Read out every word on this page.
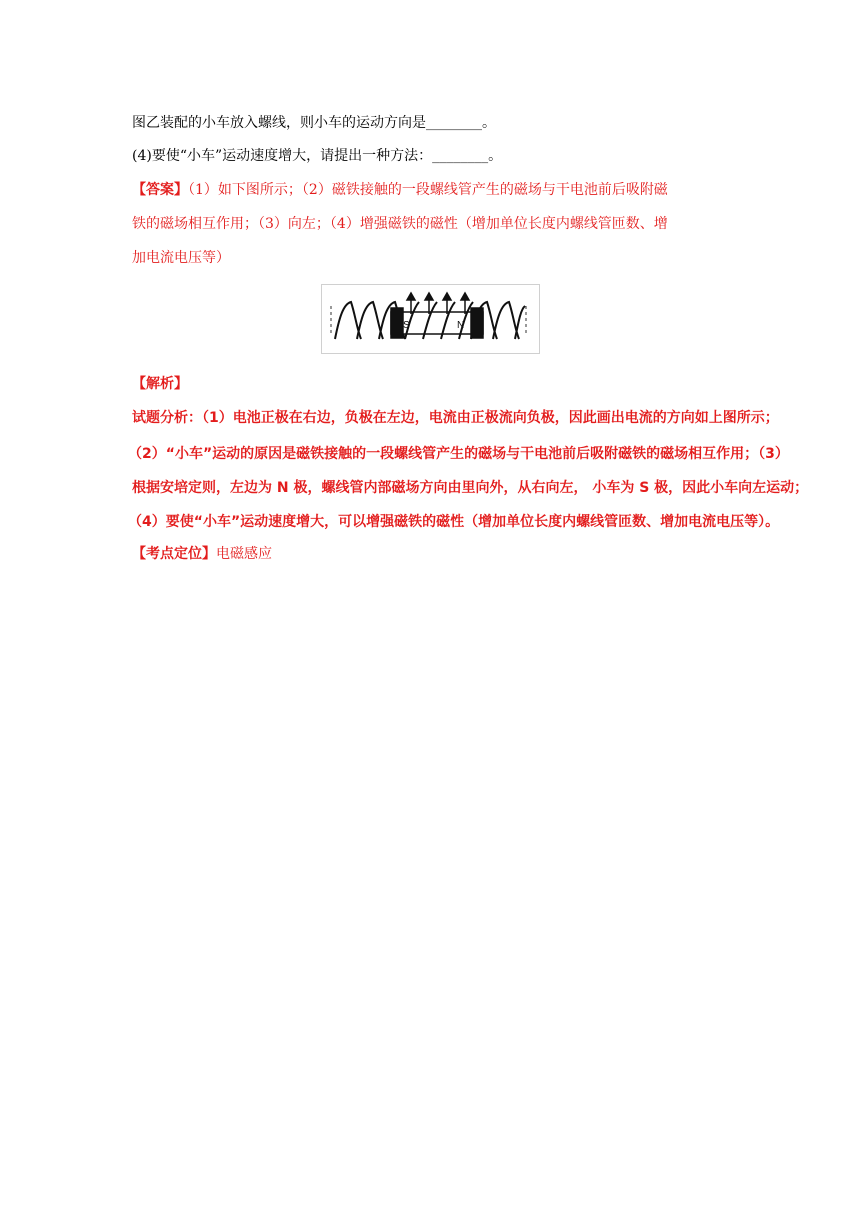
图乙装配的小车放入螺线，则小车的运动方向是________。
(4)要使“小车”运动速度增大，请提出一种方法：________。
【答案】（1）如下图所示；（2）磁铁接触的一段螺线管产生的磁场与干电池前后吸附磁
铁的磁场相互作用；（3）向左；（4）增强磁铁的磁性（增加单位长度内螺线管匝数、增
加电流电压等）
S	N
【解析】
试题分析：（1）电池正极在右边，负极在左边，电流由正极流向负极，因此画出电流的方向如上图所示；
（2）“小车”运动的原因是磁铁接触的一段螺线管产生的磁场与干电池前后吸附磁铁的磁场相互作用；（3）
根据安培定则，左边为 N 极，螺线管内部磁场方向由里向外，从右向左， 小车为 S 极，因此小车向左运动；
（4）要使“小车”运动速度增大，可以增强磁铁的磁性（增加单位长度内螺线管匝数、增加电流电压等）。
【考点定位】电磁感应
